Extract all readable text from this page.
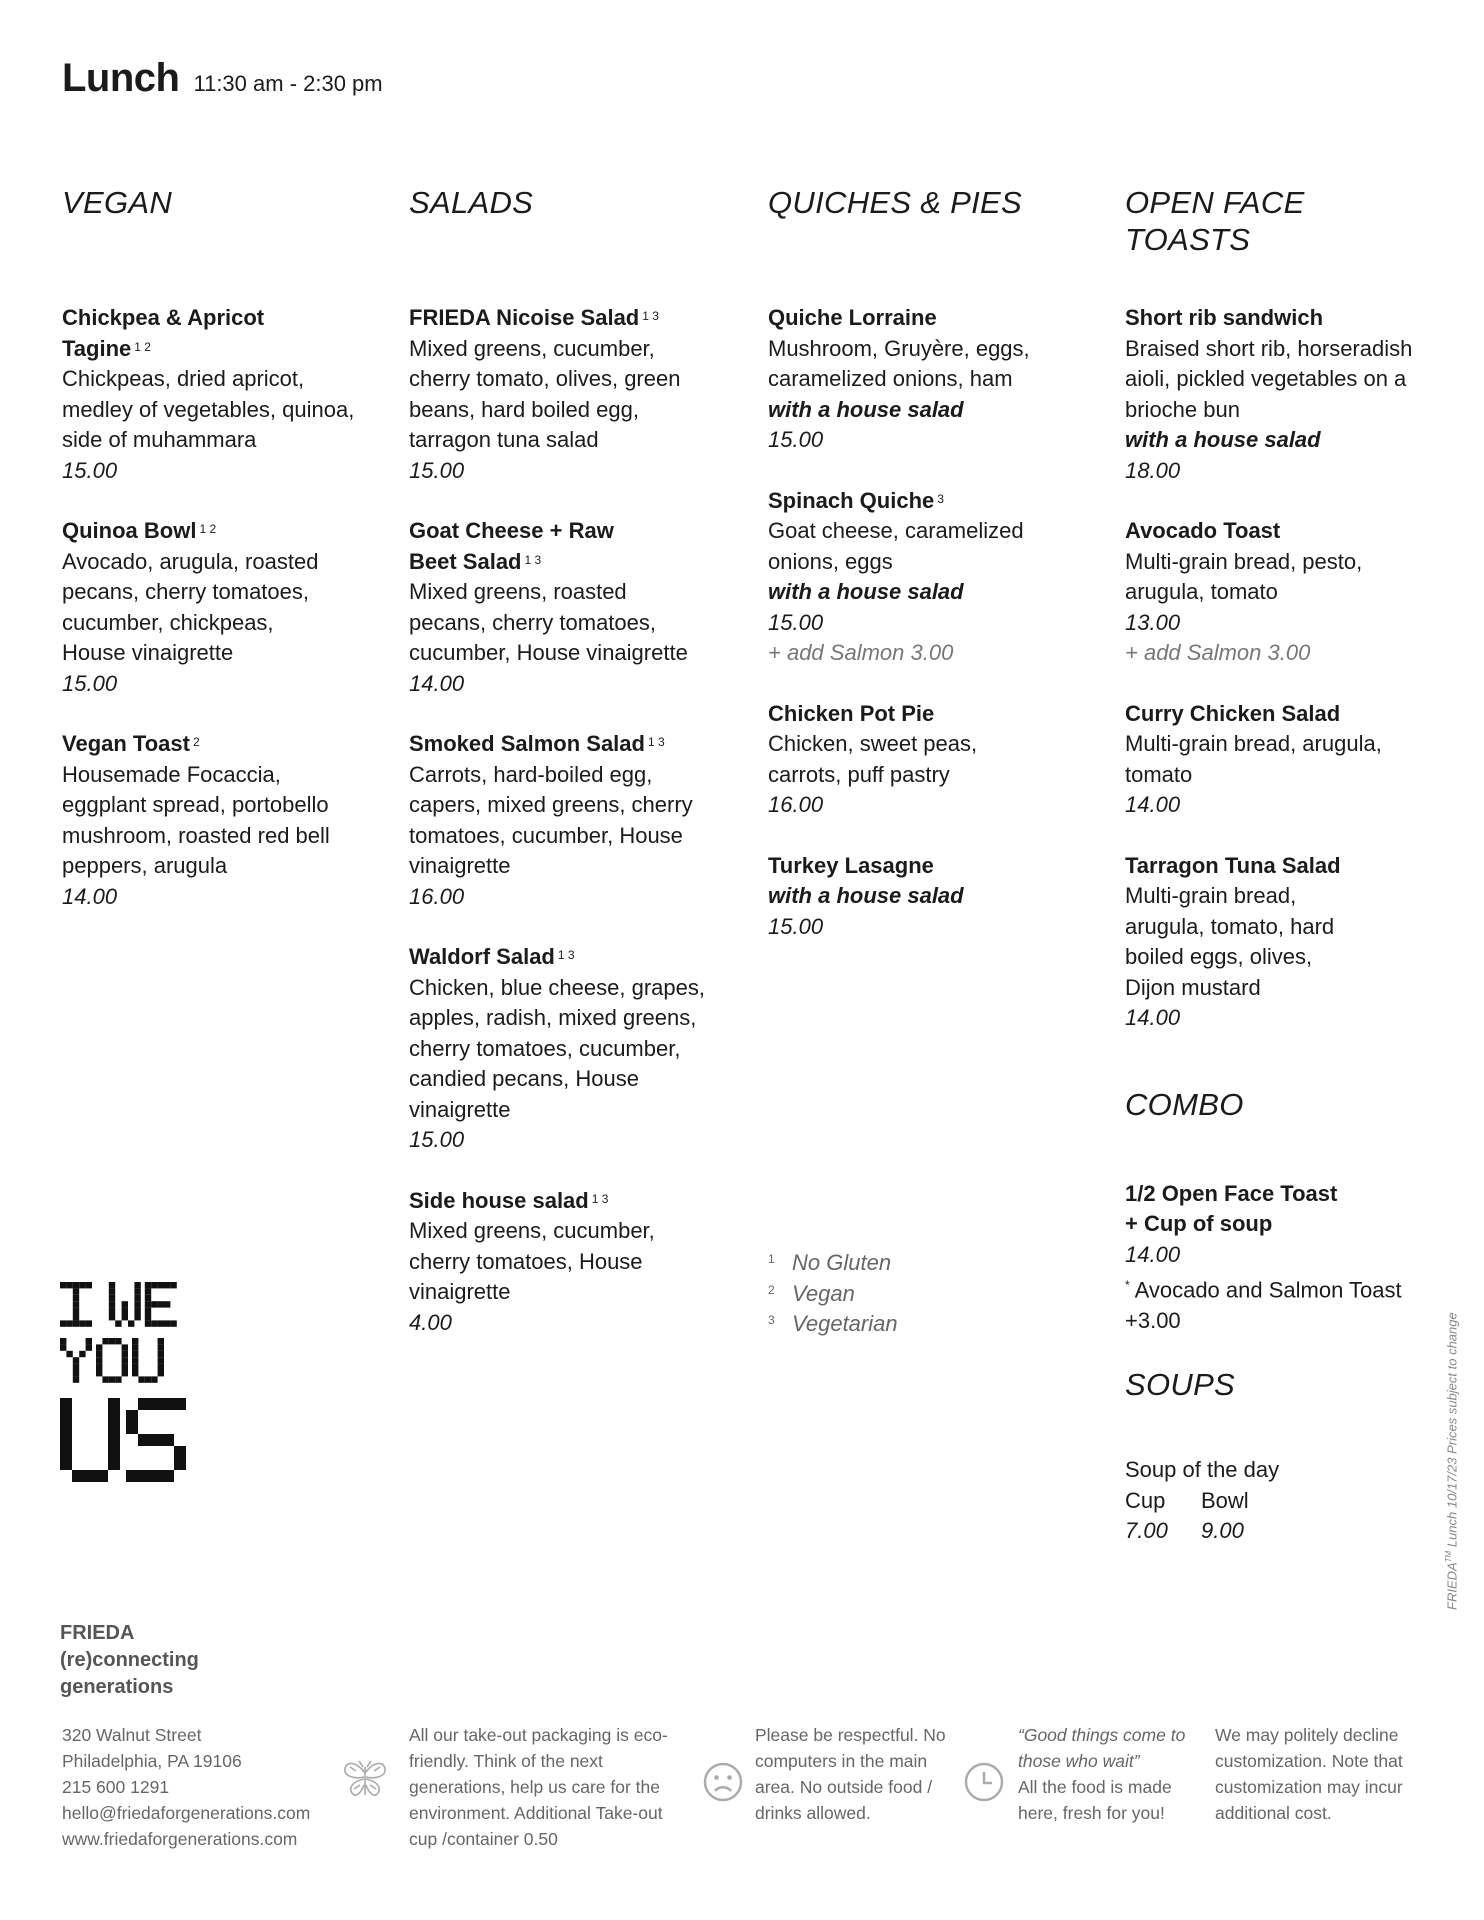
Lunch 11:30 am - 2:30 pm
VEGAN
Chickpea & Apricot Tagine $^{1 2}$
Chickpeas, dried apricot, medley of vegetables, quinoa, side of muhammara
15.00
Quinoa Bowl $^{1 2}$
Avocado, arugula, roasted pecans, cherry tomatoes, cucumber, chickpeas, House vinaigrette
15.00
Vegan Toast $^2$
Housemade Focaccia, eggplant spread, portobello mushroom, roasted red bell peppers, arugula
14.00
SALADS
FRIEDA Nicoise Salad $^{1 3}$
Mixed greens, cucumber, cherry tomato, olives, green beans, hard boiled egg, tarragon tuna salad
15.00
Goat Cheese + Raw Beet Salad $^{1 3}$
Mixed greens, roasted pecans, cherry tomatoes, cucumber, House vinaigrette
14.00
Smoked Salmon Salad $^{1 3}$
Carrots, hard-boiled egg, capers, mixed greens, cherry tomatoes, cucumber, House vinaigrette
16.00
Waldorf Salad $^{1 3}$
Chicken, blue cheese, grapes, apples, radish, mixed greens, cherry tomatoes, cucumber, candied pecans, House vinaigrette
15.00
Side house salad $^{1 3}$
Mixed greens, cucumber, cherry tomatoes, House vinaigrette
4.00
QUICHES & PIES
Quiche Lorraine
Mushroom, Gruyère, eggs, caramelized onions, ham
with a house salad
15.00
Spinach Quiche $^3$
Goat cheese, caramelized onions, eggs
with a house salad
15.00
+ add Salmon 3.00
Chicken Pot Pie
Chicken, sweet peas, carrots, puff pastry
16.00
Turkey Lasagne
with a house salad
15.00
OPEN FACE TOASTS
Short rib sandwich
Braised short rib, horseradish aioli, pickled vegetables on a brioche bun
with a house salad
18.00
Avocado Toast
Multi-grain bread, pesto, arugula, tomato
13.00
+ add Salmon 3.00
Curry Chicken Salad
Multi-grain bread, arugula, tomato
14.00
Tarragon Tuna Salad
Multi-grain bread, arugula, tomato, hard boiled eggs, olives, Dijon mustard
14.00
COMBO
1/2 Open Face Toast
+ Cup of soup
14.00
* Avocado and Salmon Toast
+3.00
SOUPS
Soup of the day
Cup Bowl
7.00 9.00
1 No Gluten
2 Vegan
3 Vegetarian
FRIEDA
(re)connecting
generations
320 Walnut Street
Philadelphia, PA 19106
215 600 1291
hello@friedaforgenerations.com
www.friedaforgenerations.com
All our take-out packaging is eco-friendly. Think of the next generations, help us care for the environment. Additional Take-out cup /container 0.50
Please be respectful. No computers in the main area. No outside food / drinks allowed.
“Good things come to those who wait”
All the food is made here, fresh for you!
We may politely decline customization. Note that customization may incur additional cost.
FRIEDA™ Lunch 10/17/23 Prices subject to change
